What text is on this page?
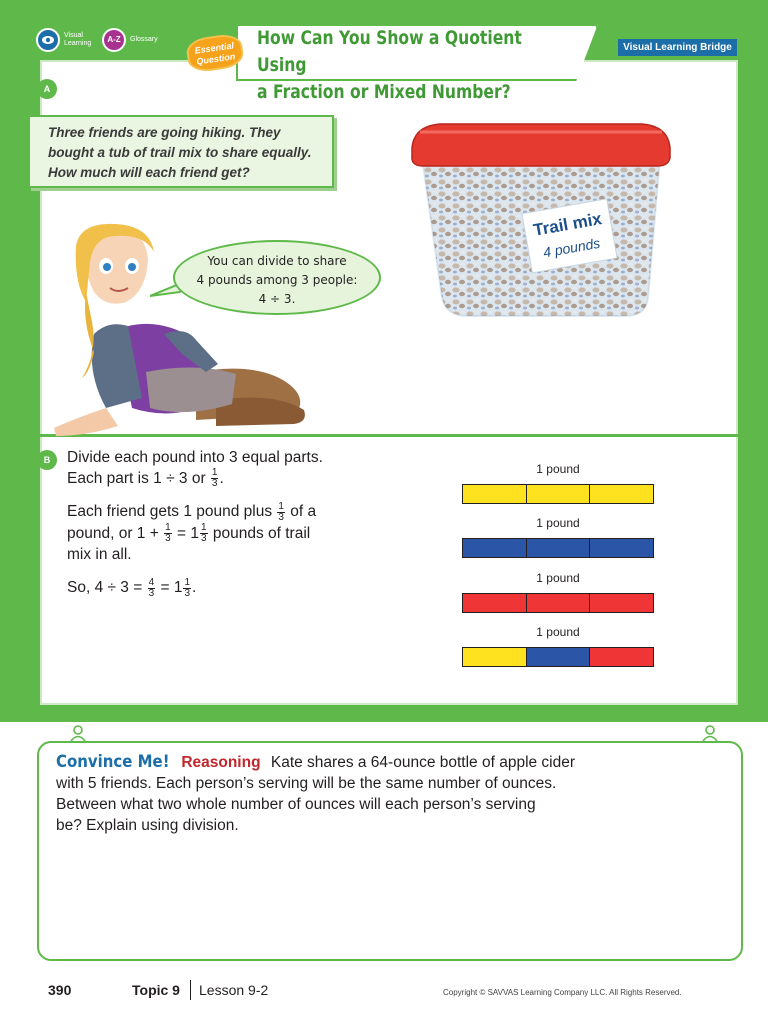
Visual Learning	A-Z	Glossary	How Can You Show a Quotient Using
a Fraction or Mixed Number?
Essential Question
Visual Learning Bridge
A
Three friends are going hiking. They bought a tub of trail mix to share equally. How much will each friend get?
Trail mix
4 pounds
You can divide to share
4 pounds among 3 people:
4 ÷ 3.
B	Divide each pound into 3 equal parts.
Each part is 1 ÷ 3 or $\frac{1}{3}$ .

Each friend gets 1 pound plus $\frac{1}{3}$ of a
pound, or $1 + \frac{1}{3} = 1 \frac{1}{3}$ pounds of trail
mix in all.

So, $4 \div 3 = \frac{4}{3} = 1 \frac{1}{3}$ .

1 pound
1 pound
1 pound
1 pound
Convince Me! Reasoning Kate shares a 64-ounce bottle of apple cider
with 5 friends. Each person’s serving will be the same number of ounces.
Between what two whole number of ounces will each person’s serving
be? Explain using division.
390	Topic 9 Lesson 9-2	Copyright © SAVVAS Learning Company LLC. All Rights Reserved.
